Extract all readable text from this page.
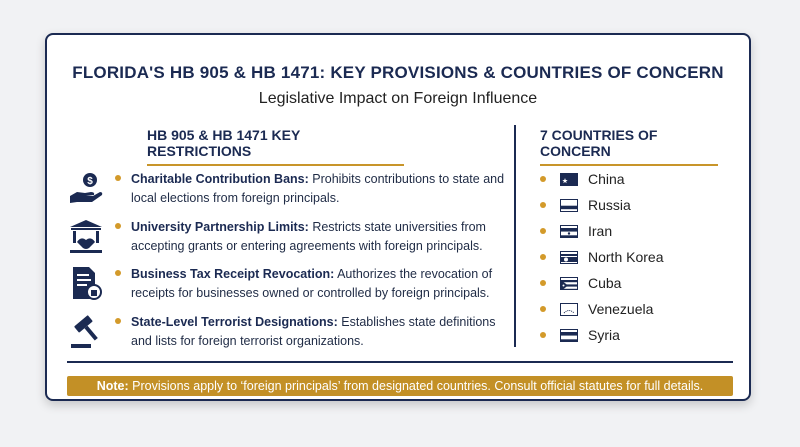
FLORIDA'S HB 905 & HB 1471: KEY PROVISIONS & COUNTRIES OF CONCERN
Legislative Impact on Foreign Influence
HB 905 & HB 1471 KEY RESTRICTIONS
7 COUNTRIES OF CONCERN
$	Charitable Contribution Bans: Prohibits contributions to state and local elections from foreign principals.
University Partnership Limits: Restricts state universities from accepting grants or entering agreements with foreign principals.
Business Tax Receipt Revocation: Authorizes the revocation of receipts for businesses owned or controlled by foreign principals.
State-Level Terrorist Designations: Establishes state definitions and lists for foreign terrorist organizations.
China
Russia
Iran
North Korea
Cuba
Venezuela
Syria
Note: Provisions apply to ‘foreign principals’ from designated countries. Consult official statutes for full details.
